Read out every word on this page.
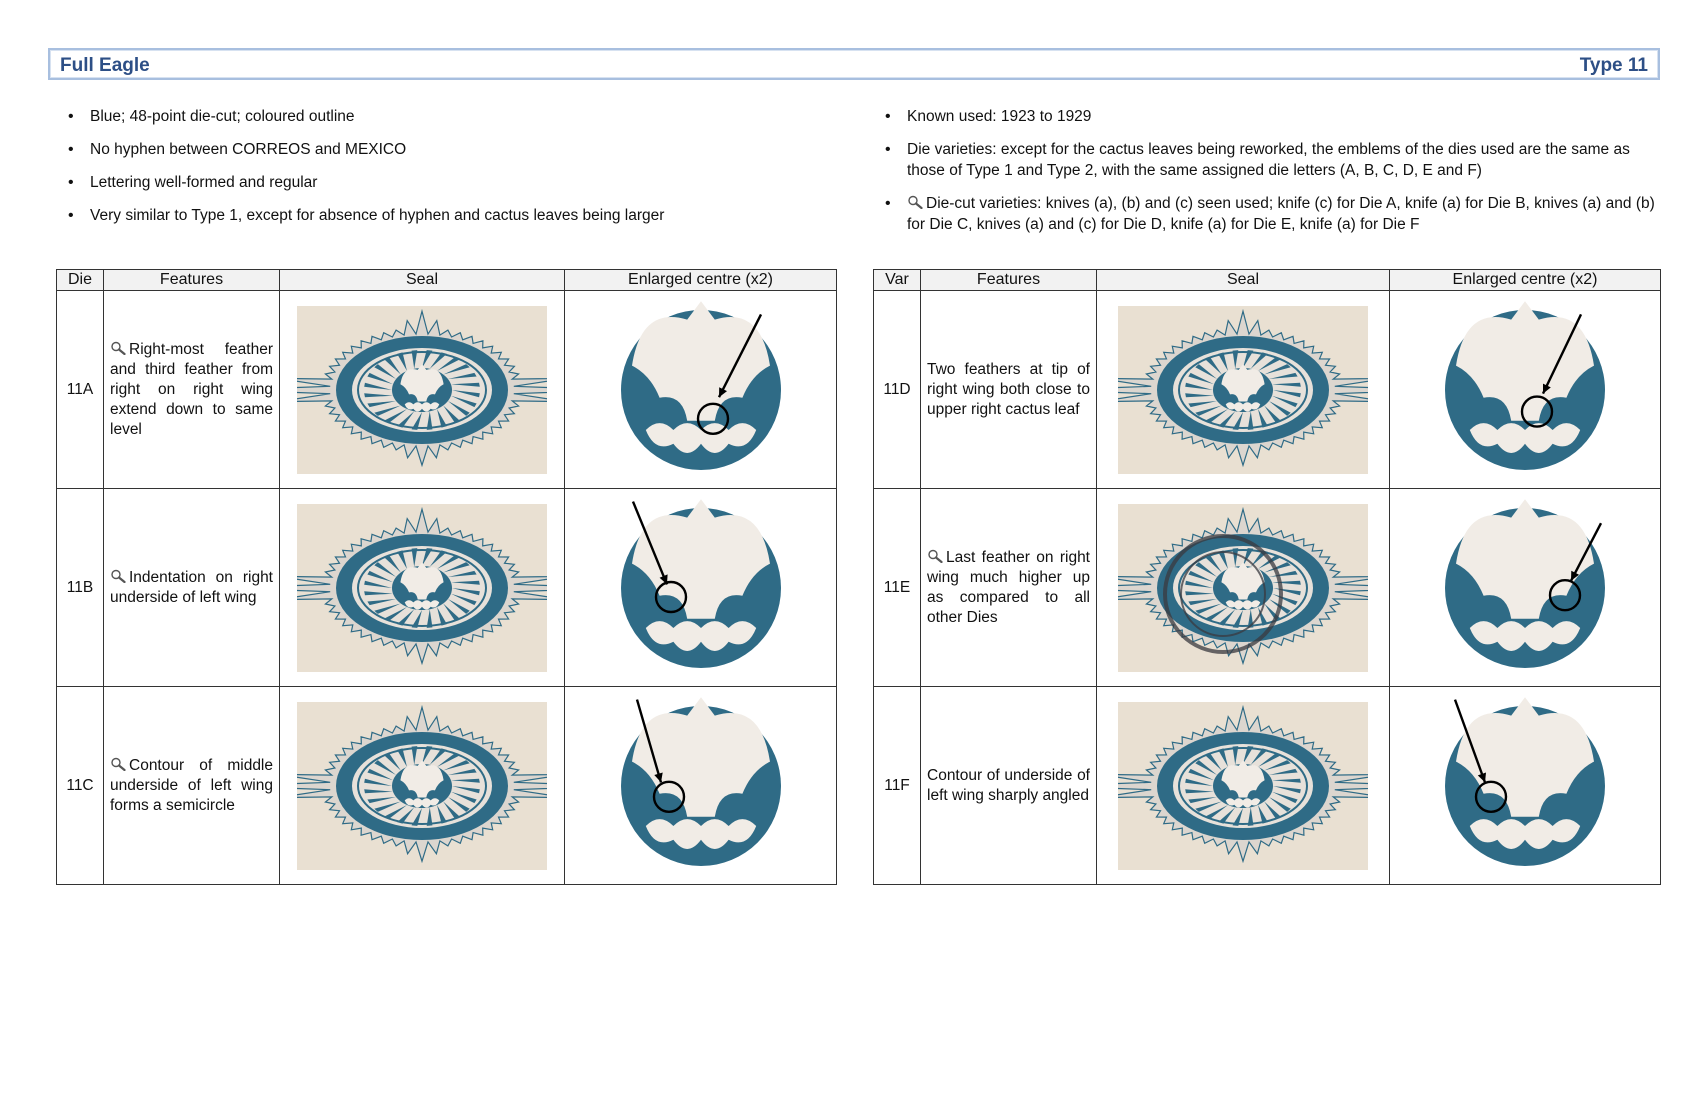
Full Eagle	Type 11
• Blue; 48-point die-cut; coloured outline
• No hyphen between CORREOS and MEXICO
• Lettering well-formed and regular
• Very similar to Type 1, except for absence of hyphen and cactus leaves being larger
• Known used: 1923 to 1929
• Die varieties: except for the cactus leaves being reworked, the emblems of the dies used are the same as those of Type 1 and Type 2, with the same assigned die letters (A, B, C, D, E and F)
• Die-cut varieties: knives (a), (b) and (c) seen used; knife (c) for Die A, knife (a) for Die B, knives (a) and (b) for Die C, knives (a) and (c) for Die D, knife (a) for Die E, knife (a) for Die F
Die	Features	Seal	Enlarged centre (x2)
11A	Right-most feather and third feather from right on right wing extend down to same level	

11B	Indentation on right underside of left wing	

11C	Contour of middle underside of left wing forms a semicircle	

Var	Features	Seal	Enlarged centre (x2)
11D	Two feathers at tip of right wing both close to upper right cactus leaf	

11E	Last feather on right wing much higher up as compared to all other Dies	

11F	Contour of underside of left wing sharply angled	
